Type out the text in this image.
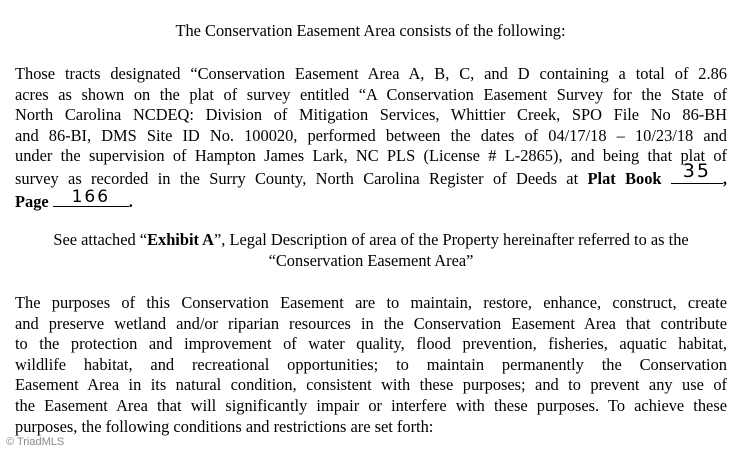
The Conservation Easement Area consists of the following:
Those tracts designated “Conservation Easement Area A, B, C, and D containing a total of 2.86
acres as shown on the plat of survey entitled “A Conservation Easement Survey for the State of
North Carolina NCDEQ: Division of Mitigation Services, Whittier Creek, SPO File No 86-BH
and 86-BI, DMS Site ID No. 100020, performed between the dates of 04/17/18 – 10/23/18 and
under the supervision of Hampton James Lark, NC PLS (License # L-2865), and being that plat of
survey as recorded in the Surry County, North Carolina Register of Deeds at Plat Book 35 ,
Page 166 .
See attached “Exhibit A”, Legal Description of area of the Property hereinafter referred to as the
“Conservation Easement Area”
The purposes of this Conservation Easement are to maintain, restore, enhance, construct, create
and preserve wetland and/or riparian resources in the Conservation Easement Area that contribute
to the protection and improvement of water quality, flood prevention, fisheries, aquatic habitat,
wildlife habitat, and recreational opportunities; to maintain permanently the Conservation
Easement Area in its natural condition, consistent with these purposes; and to prevent any use of
the Easement Area that will significantly impair or interfere with these purposes. To achieve these
purposes, the following conditions and restrictions are set forth:
© TriadMLS
